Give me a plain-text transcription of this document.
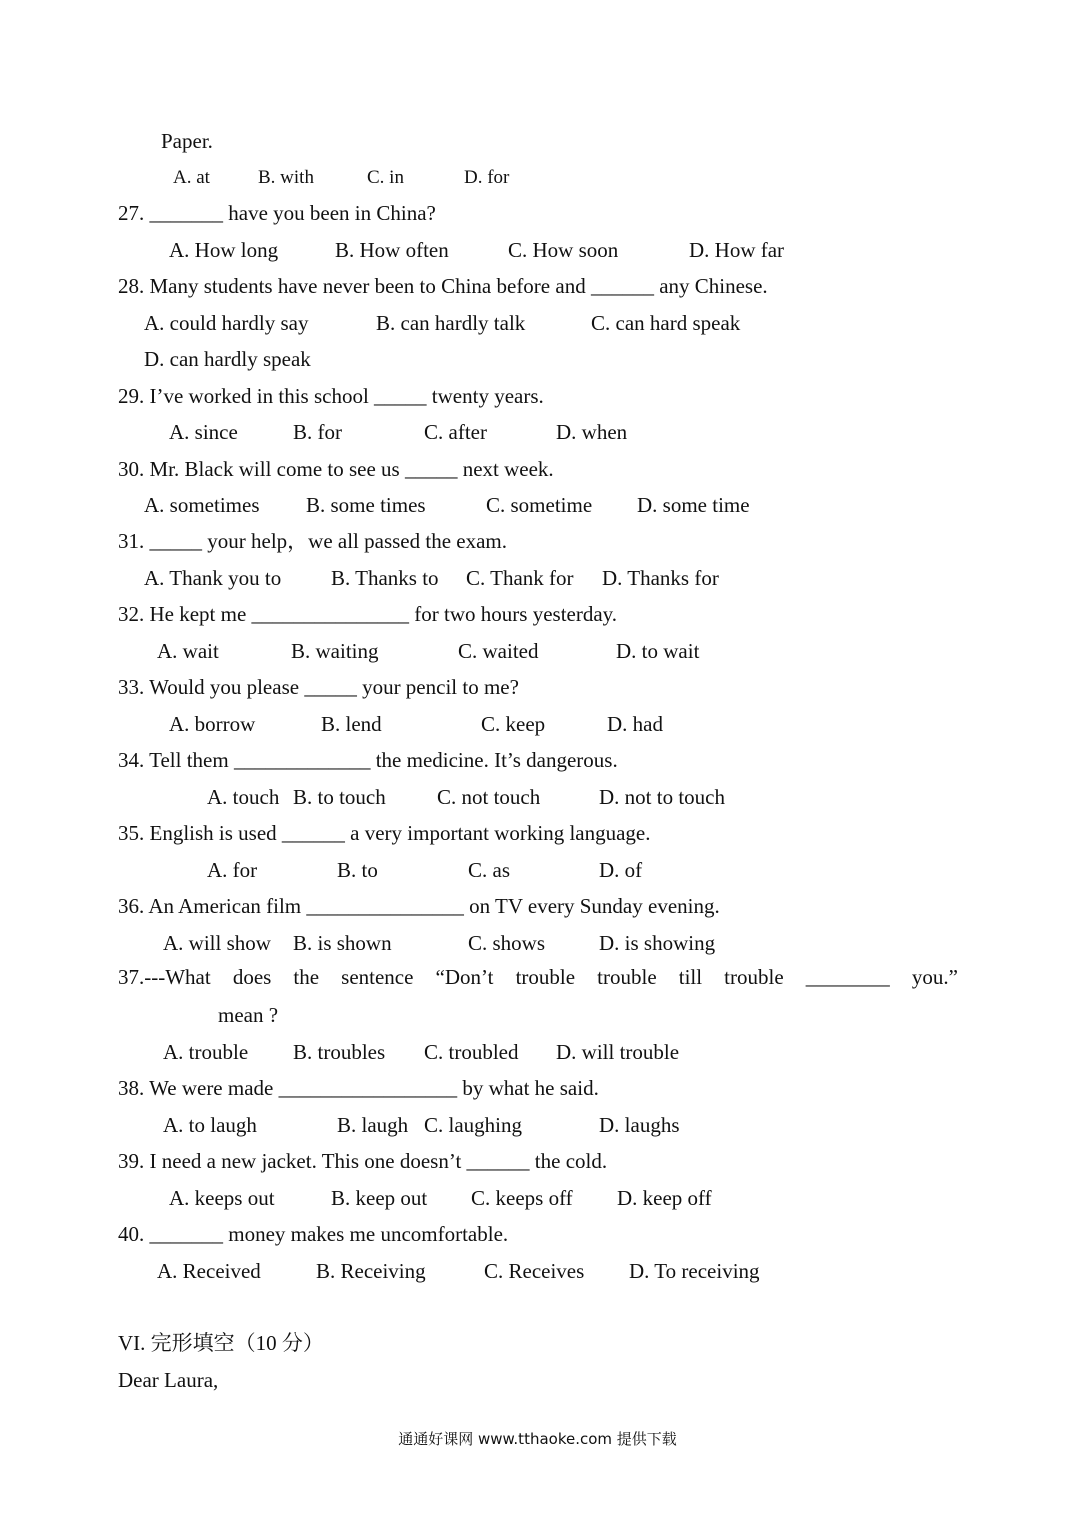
Paper.

A. at

	B. with

	C. in

	D. for

27. _______ have you been in China?

A. How long

	B. How often

	C. How soon

	D. How far

28. Many students have never been to China before and ______ any Chinese.

A. could hardly say

	B. can hardly talk

	C. can hard speak

D. can hardly speak

29. I’ve worked in this school _____ twenty years.

A. since

	B. for

	C. after

	D. when

30. Mr. Black will come to see us _____ next week.

A. sometimes

B. some times

	C. sometime

D. some time

31. _____ your help，we all passed the exam.

A. Thank you to

B. Thanks to

C. Thank for

D. Thanks for

32. He kept me _______________ for two hours yesterday.

A. wait

	B. waiting

	C. waited

	D. to wait

33. Would you please _____ your pencil to me?

A. borrow

	B. lend

	C. keep

	D. had

34. Tell them _____________ the medicine. It’s dangerous.

A. touch

B. to touch

C. not touch

	D. not to touch

35. English is used ______ a very important working language.

A. for

	B. to

	C. as

	D. of

36. An American film _______________ on TV every Sunday evening.

A. will show

B. is shown

	C. shows

	D. is showing

37.---What does the sentence “Don’t trouble trouble till trouble ________ you.”

mean ?

A. trouble

B. troubles

C. troubled

D. will trouble

38. We were made _________________ by what he said.

A. to laugh

	B. laugh

C. laughing

	D. laughs

39. I need a new jacket. This one doesn’t ______ the cold.

A. keeps out

	B. keep out

C. keeps off

D. keep off

40. _______ money makes me uncomfortable.

A. Received

	B. Receiving

	C. Receives

D. To receiving

VI. 完形填空（10 分）

Dear Laura,

通通好课网 www.tthaoke.com 提供下载
